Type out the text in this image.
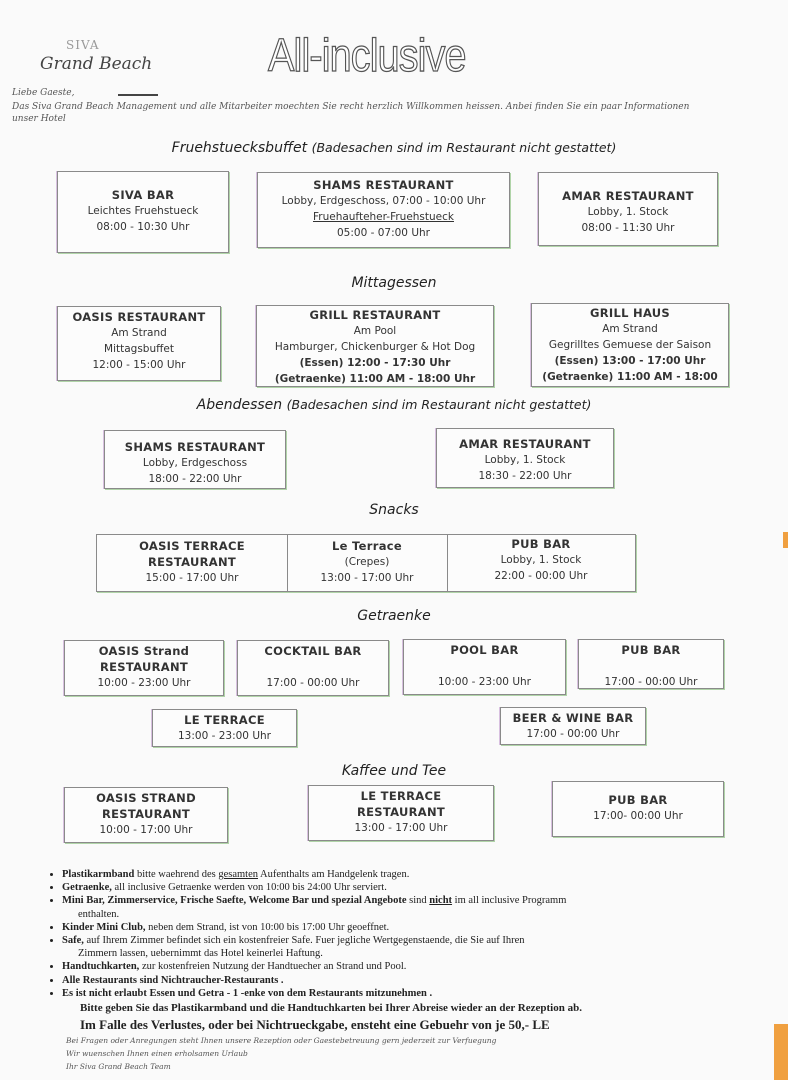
SIVA
Grand Beach	All-inclusive
Liebe Gaeste,
Das Siva Grand Beach Management und alle Mitarbeiter moechten Sie recht herzlich Willkommen heissen. Anbei finden Sie ein paar Informationen
unser Hotel
Fruehstuecksbuffet (Badesachen sind im Restaurant nicht gestattet)
SIVA BAR
Leichtes Fruehstueck
08:00 - 10:30 Uhr
SHAMS RESTAURANT
Lobby, Erdgeschoss, 07:00 - 10:00 Uhr
Fruehaufteher-Fruehstueck
05:00 - 07:00 Uhr
AMAR RESTAURANT
Lobby, 1. Stock
08:00 - 11:30 Uhr
Mittagessen
OASIS RESTAURANT
Am Strand
Mittagsbuffet
12:00 - 15:00 Uhr
GRILL RESTAURANT
Am Pool
Hamburger, Chickenburger & Hot Dog
(Essen) 12:00 - 17:30 Uhr
(Getraenke) 11:00 AM - 18:00 Uhr
GRILL HAUS
Am Strand
Gegrilltes Gemuese der Saison
(Essen) 13:00 - 17:00 Uhr
(Getraenke) 11:00 AM - 18:00
Abendessen (Badesachen sind im Restaurant nicht gestattet)
SHAMS RESTAURANT
Lobby, Erdgeschoss
18:00 - 22:00 Uhr
AMAR RESTAURANT
Lobby, 1. Stock
18:30 - 22:00 Uhr
Snacks
OASIS TERRACE
RESTAURANT
15:00 - 17:00 Uhr
Le Terrace
(Crepes)
13:00 - 17:00 Uhr
PUB BAR
Lobby, 1. Stock
22:00 - 00:00 Uhr
Getraenke
OASIS Strand
RESTAURANT
10:00 - 23:00 Uhr
COCKTAIL BAR
17:00 - 00:00 Uhr
POOL BAR
10:00 - 23:00 Uhr
PUB BAR
17:00 - 00:00 Uhr
LE TERRACE
13:00 - 23:00 Uhr
BEER & WINE BAR
17:00 - 00:00 Uhr
Kaffee und Tee
OASIS STRAND
RESTAURANT
10:00 - 17:00 Uhr
LE TERRACE
RESTAURANT
13:00 - 17:00 Uhr
PUB BAR
17:00- 00:00 Uhr
• Plastikarmband bitte waehrend des gesamten Aufenthalts am Handgelenk tragen.
• Getraenke, all inclusive Getraenke werden von 10:00 bis 24:00 Uhr serviert.
• Mini Bar, Zimmerservice, Frische Saefte, Welcome Bar und spezial Angebote sind nicht im all inclusive Programm
enthalten.
• Kinder Mini Club, neben dem Strand, ist von 10:00 bis 17:00 Uhr geoeffnet.
• Safe, auf Ihrem Zimmer befindet sich ein kostenfreier Safe. Fuer jegliche Wertgegenstaende, die Sie auf Ihren
Zimmern lassen, uebernimmt das Hotel keinerlei Haftung.
• Handtuchkarten, zur kostenfreien Nutzung der Handtuecher an Strand und Pool.
• Alle Restaurants sind Nichtraucher-Restaurants .
• Es ist nicht erlaubt Essen und Getra - 1 -enke von dem Restaurants mitzunehmen .
Bitte geben Sie das Plastikarmband und die Handtuchkarten bei Ihrer Abreise wieder an der Rezeption ab.
Im Falle des Verlustes, oder bei Nichtrueckgabe, ensteht eine Gebuehr von je 50,- LE
Bei Fragen oder Anregungen steht Ihnen unsere Rezeption oder Gaestebetreuung gern jederzeit zur Verfuegung
Wir wuenschen Ihnen einen erholsamen Urlaub
Ihr Siva Grand Beach Team
